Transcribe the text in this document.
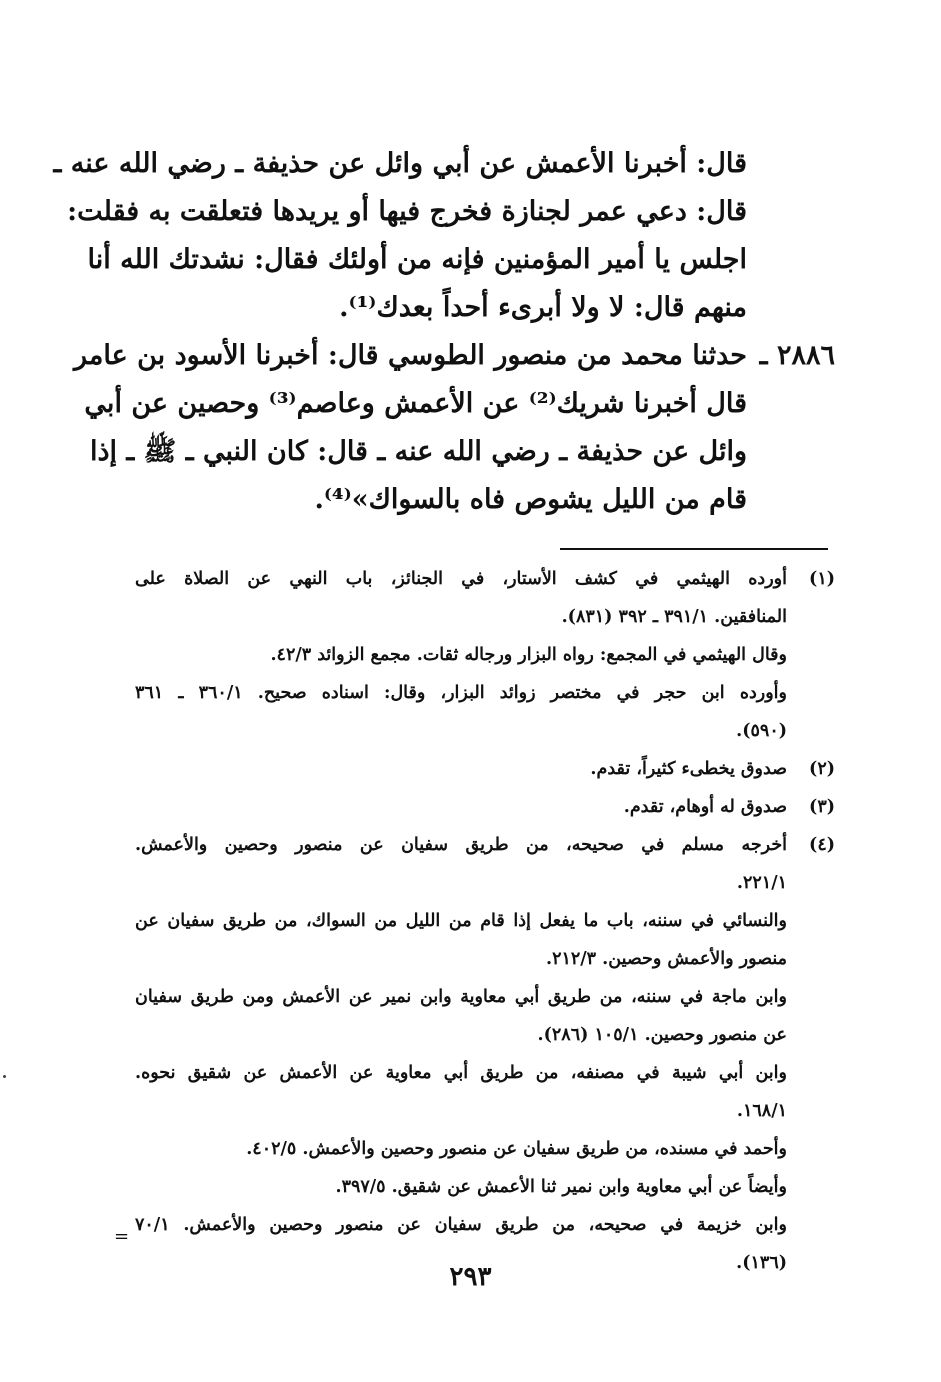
قال: أخبرنا الأعمش عن أبي وائل عن حذيفة ـ رضي الله عنه ـ
قال: دعي عمر لجنازة فخرج فيها أو يريدها فتعلقت به فقلت:
اجلس يا أمير المؤمنين فإنه من أولئك فقال: نشدتك الله أنا
منهم قال: لا ولا أبرىء أحداً بعدك⁽¹⁾.
٢٨٨٦ ـ
حدثنا محمد من منصور الطوسي قال: أخبرنا الأسود بن عامر
قال أخبرنا شريك⁽²⁾ عن الأعمش وعاصم⁽³⁾ وحصين عن أبي
وائل عن حذيفة ـ رضي الله عنه ـ قال: كان النبي ـ ﷺ ـ إذا
قام من الليل يشوص فاه بالسواك»⁽⁴⁾.
(١)أورده الهيثمي في كشف الأستار، في الجنائز، باب النهي عن الصلاة على
المنافقين. ٣٩١/١ ـ ٣٩٢ (٨٣١).
وقال الهيثمي في المجمع: رواه البزار ورجاله ثقات. مجمع الزوائد ٤٢/٣.
وأورده ابن حجر في مختصر زوائد البزار، وقال: اسناده صحيح. ٣٦٠/١ ـ ٣٦١
(٥٩٠).
(٢)صدوق يخطىء كثيراً، تقدم.
(٣)صدوق له أوهام، تقدم.
(٤)أخرجه مسلم في صحيحه، من طريق سفيان عن منصور وحصين والأعمش.
٢٢١/١.
والنسائي في سننه، باب ما يفعل إذا قام من الليل من السواك، من طريق سفيان عن
منصور والأعمش وحصين. ٢١٢/٣.
وابن ماجة في سننه، من طريق أبي معاوية وابن نمير عن الأعمش ومن طريق سفيان
عن منصور وحصين. ١٠٥/١ (٢٨٦).
وابن أبي شيبة في مصنفه، من طريق أبي معاوية عن الأعمش عن شقيق نحوه.
١٦٨/١.
وأحمد في مسنده، من طريق سفيان عن منصور وحصين والأعمش. ٤٠٢/٥.
وأيضاً عن أبي معاوية وابن نمير ثنا الأعمش عن شقيق. ٣٩٧/٥.
وابن خزيمة في صحيحه، من طريق سفيان عن منصور وحصين والأعمش. ٧٠/١
(١٣٦).
=
٢٩٣
